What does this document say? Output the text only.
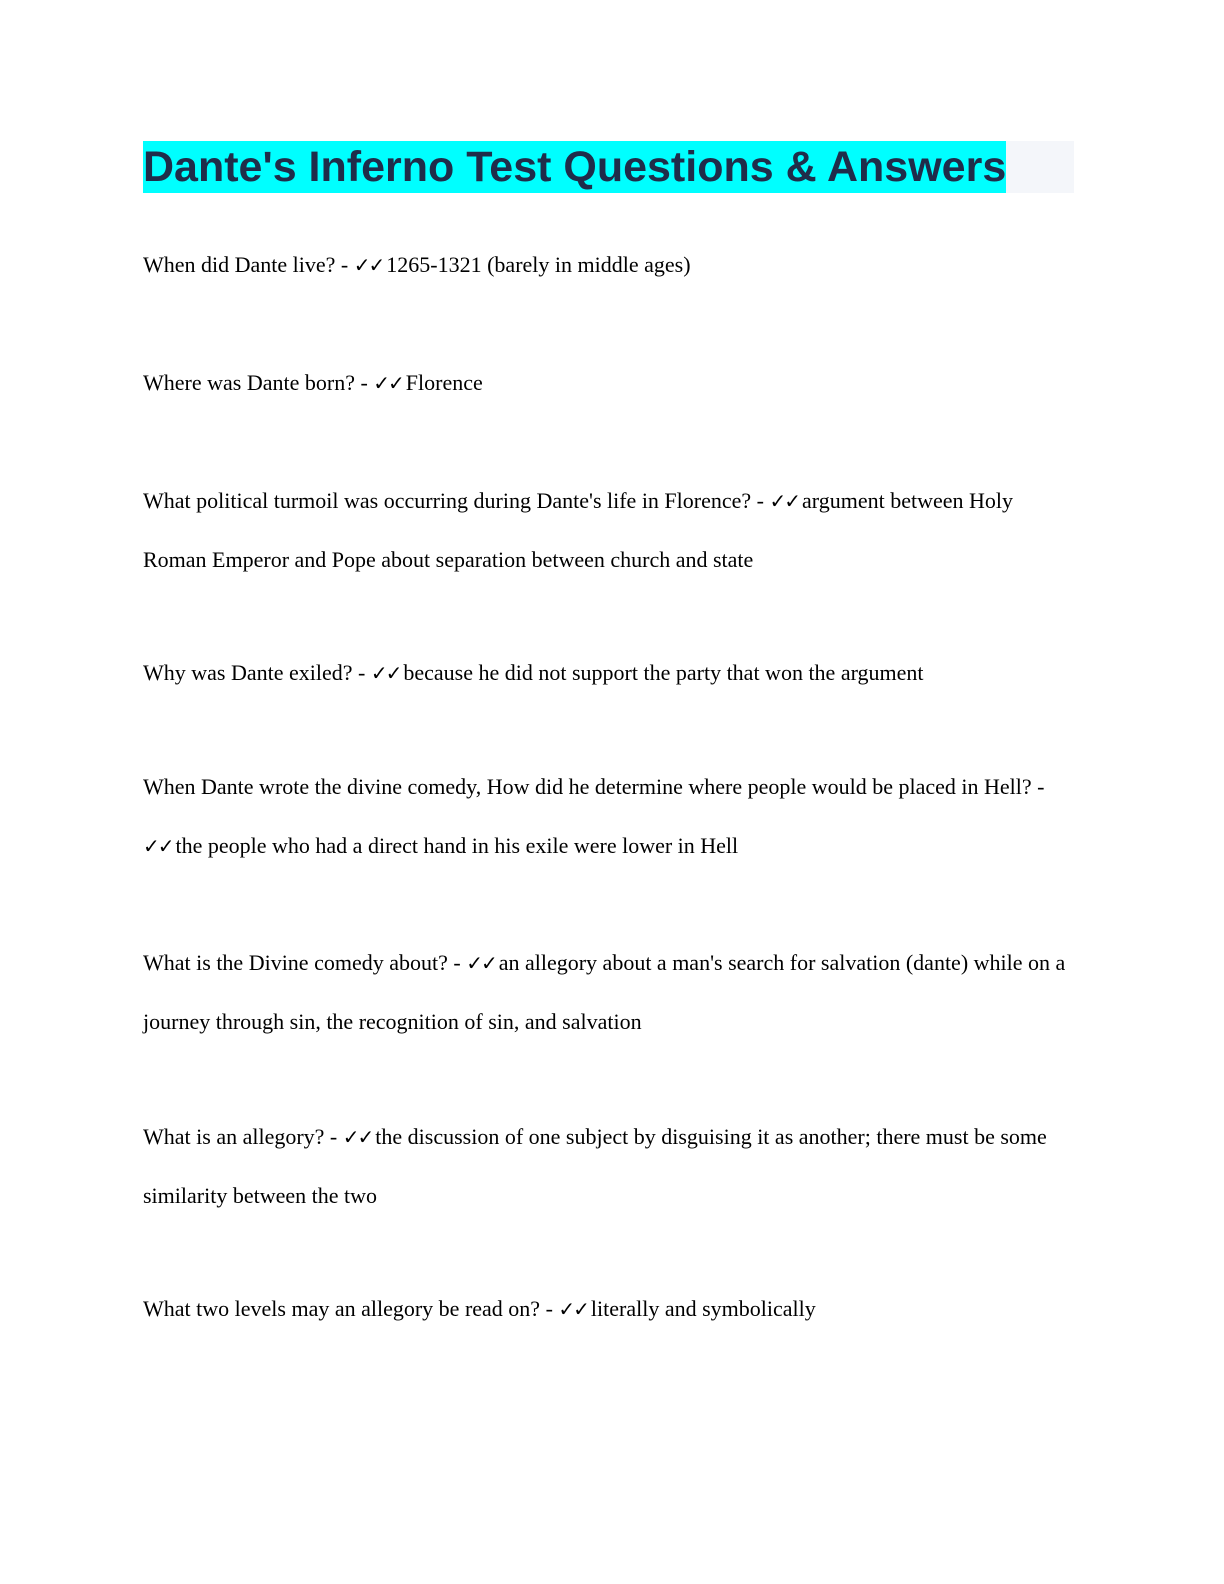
Dante's Inferno Test Questions & Answers

When did Dante live? - ✓✓ 1265-1321 (barely in middle ages)

Where was Dante born? - ✓✓ Florence

What political turmoil was occurring during Dante's life in Florence? - ✓✓ argument between Holy Roman Emperor and Pope about separation between church and state

Why was Dante exiled? - ✓✓ because he did not support the party that won the argument

When Dante wrote the divine comedy, How did he determine where people would be placed in Hell? - ✓✓ the people who had a direct hand in his exile were lower in Hell

What is the Divine comedy about? - ✓✓ an allegory about a man's search for salvation (dante) while on a journey through sin, the recognition of sin, and salvation

What is an allegory? - ✓✓ the discussion of one subject by disguising it as another; there must be some similarity between the two

What two levels may an allegory be read on? - ✓✓ literally and symbolically
